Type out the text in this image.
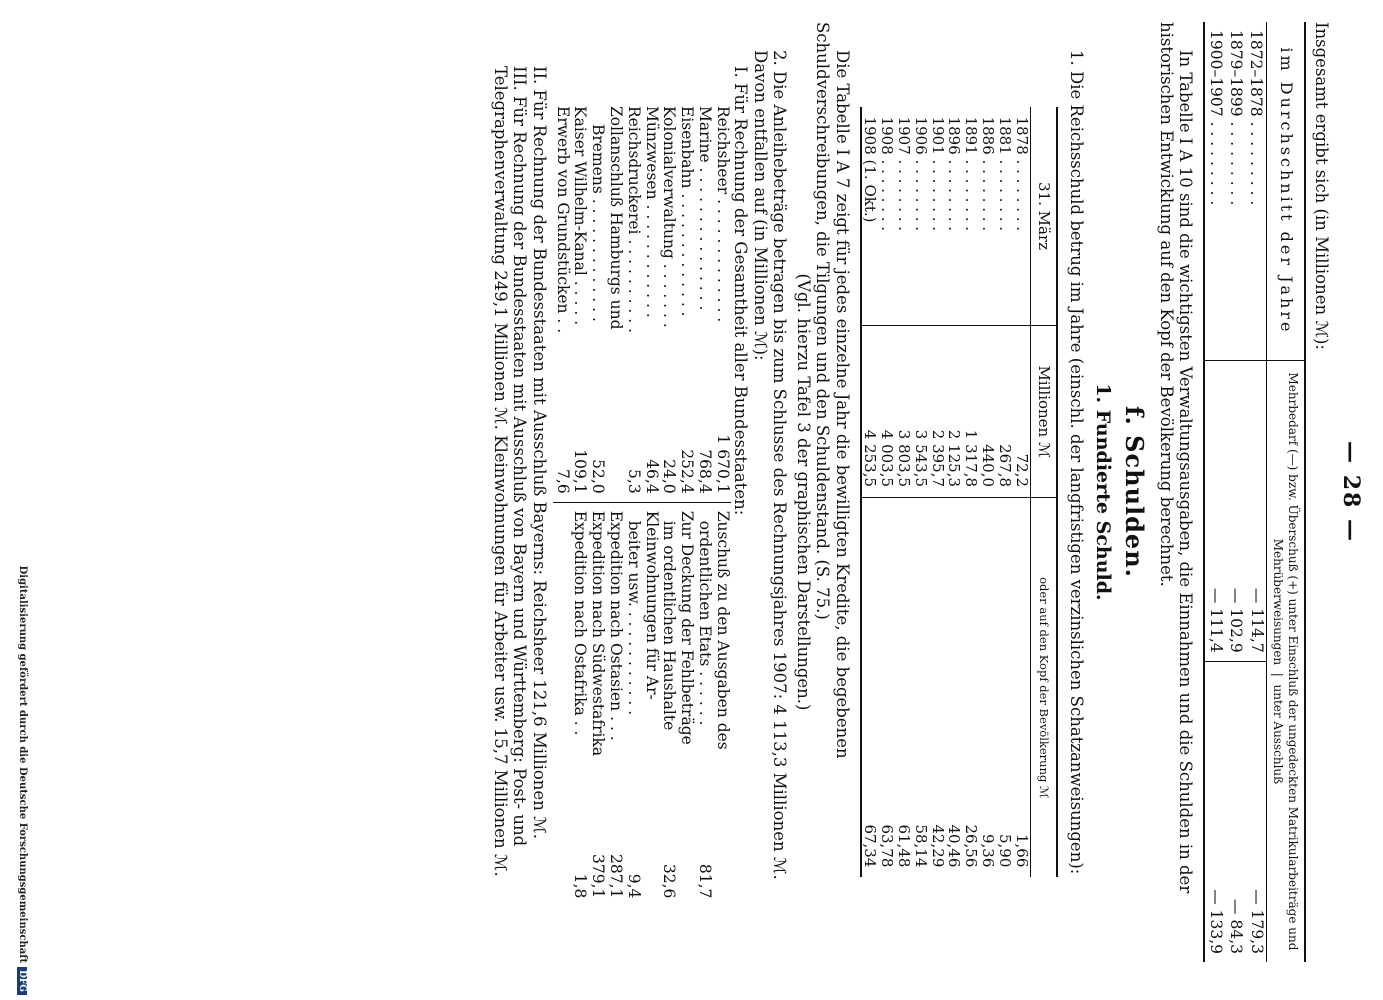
— 28 —

Insgesamt ergibt sich (in Millionen ℳ):

im Durchschnitt der Jahre	Mehrbedarf (—) bzw. Überschuß (+) unter Einschluß der ungedeckten Matrikularbeiträge und Mehrüberweisungen  |  unter Ausschluß	

1872–1878 . . . . . . . . .	— 114,7	— 179,3
1879–1899 . . . . . . . . .	— 102,9	— 84,3
1900–1907 . . . . . . . . .	— 111,4	— 133,9

In Tabelle I A 10 sind die wichtigsten Verwaltungsausgaben, die Einnahmen und die Schulden in der historischen Entwicklung auf den Kopf der Bevölkerung berechnet.

f. Schulden.
1. Fundierte Schuld.

1. Die Reichsschuld betrug im Jahre (einschl. der langfristigen verzinslichen Schatzanweisungen):

31. März	Millionen ℳ	oder auf den Kopf der Bevölkerung ℳ
1878 . . . . . . . .	72,2	1,66
1881 . . . . . . . .	267,8	5,90
1886 . . . . . . . .	440,0	9,36
1891 . . . . . . . .	1 317,8	26,56
1896 . . . . . . . .	2 125,3	40,46
1901 . . . . . . . .	2 395,7	42,29
1906 . . . . . . . .	3 543,5	58,14
1907 . . . . . . . .	3 803,5	61,48
1908 . . . . . . . .	4 003,5	63,78
1908 (1. Okt.)	4 253,5	67,34

Die Tabelle I A 7 zeigt für jedes einzelne Jahr die bewilligten Kredite, die begebenen Schuldverschreibungen, die Tilgungen und den Schuldenstand. (S. 75.)

(Vgl. hierzu Tafel 3 der graphischen Darstellungen.)

2. Die Anleihebeträge betragen bis zum Schlusse des Rechnungsjahres 1907: 4 113,3 Millionen ℳ.

Davon entfallen auf (in Millionen ℳ):

I. Für Rechnung der Gesamtheit aller Bundesstaaten:

Reichsheer . . . . . . . . . . . . .	1 670,1
Marine . . . . . . . . . . . . . . .	768,4
Eisenbahn . . . . . . . . . . . . .	252,4
Kolonialverwaltung . . . . . . .	24,0
Münzwesen . . . . . . . . . . . .	46,4
Reichsdruckerei . . . . . . . . . .	5,3
Zollanschluß Hamburgs und	
Bremens . . . . . . . . . . . . .	52,0
Kaiser Wilhelm-Kanal . . . . .	109,1
Erwerb von Grundstücken . .	7,6

Zuschuß zu den Ausgaben des	
ordentlichen Etats . . . . . .	81,7
Zur Deckung der Fehlbeträge	
im ordentlichen Haushalte	32,6
Kleinwohnungen für Ar-	
beiter usw. . . . . . . . . . . .	9,4
Expedition nach Ostasien . . .	287,1
Expedition nach Südwestafrika	379,1
Expedition nach Ostafrika . .	1,8

II. Für Rechnung der Bundesstaaten mit Ausschluß Bayerns: Reichsheer 121,6 Millionen ℳ.

III. Für Rechnung der Bundesstaaten mit Ausschluß von Bayern und Württemberg: Post- und Telegraphenverwaltung 249,1 Millionen ℳ. Kleinwohnungen für Arbeiter usw. 15,7 Millionen ℳ.

Digitalisierung gefördert durch die Deutsche ForschungsgemeinschaftDFG
